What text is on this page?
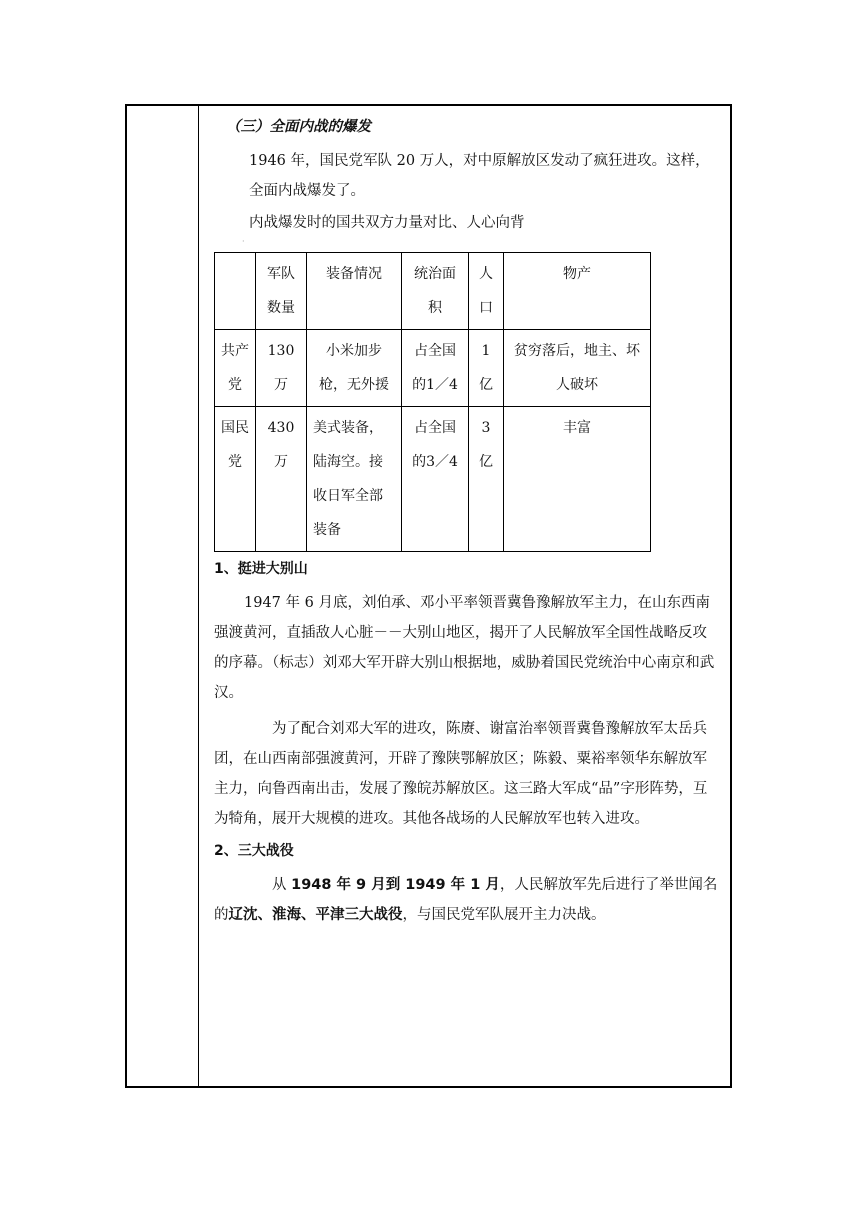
（三）全面内战的爆发
1946 年，国民党军队 20 万人，对中原解放区发动了疯狂进攻。这样，
全面内战爆发了。
内战爆发时的国共双方力量对比、人心向背
·
	军队数量	装备情况	统治面积	人口	物产
共产党	130万	小米加步枪，无外援	占全国的1／4	1 亿	贫穷落后，地主、坏人破坏
国民党	430万	美式装备，陆海空。接收日军全部装备	占全国的3／4	3 亿	丰富
1、挺进大别山
1947 年 6 月底，刘伯承、邓小平率领晋冀鲁豫解放军主力，在山东西南强渡黄河，直插敌人心脏－－大别山地区，揭开了人民解放军全国性战略反攻的序幕。（标志）刘邓大军开辟大别山根据地，威胁着国民党统治中心南京和武汉。
为了配合刘邓大军的进攻，陈赓、谢富治率领晋冀鲁豫解放军太岳兵团，在山西南部强渡黄河，开辟了豫陕鄂解放区；陈毅、粟裕率领华东解放军主力，向鲁西南出击，发展了豫皖苏解放区。这三路大军成“品”字形阵势，互为犄角，展开大规模的进攻。其他各战场的人民解放军也转入进攻。
2、三大战役
从 1948 年 9 月到 1949 年 1 月，人民解放军先后进行了举世闻名的辽沈、淮海、平津三大战役，与国民党军队展开主力决战。
